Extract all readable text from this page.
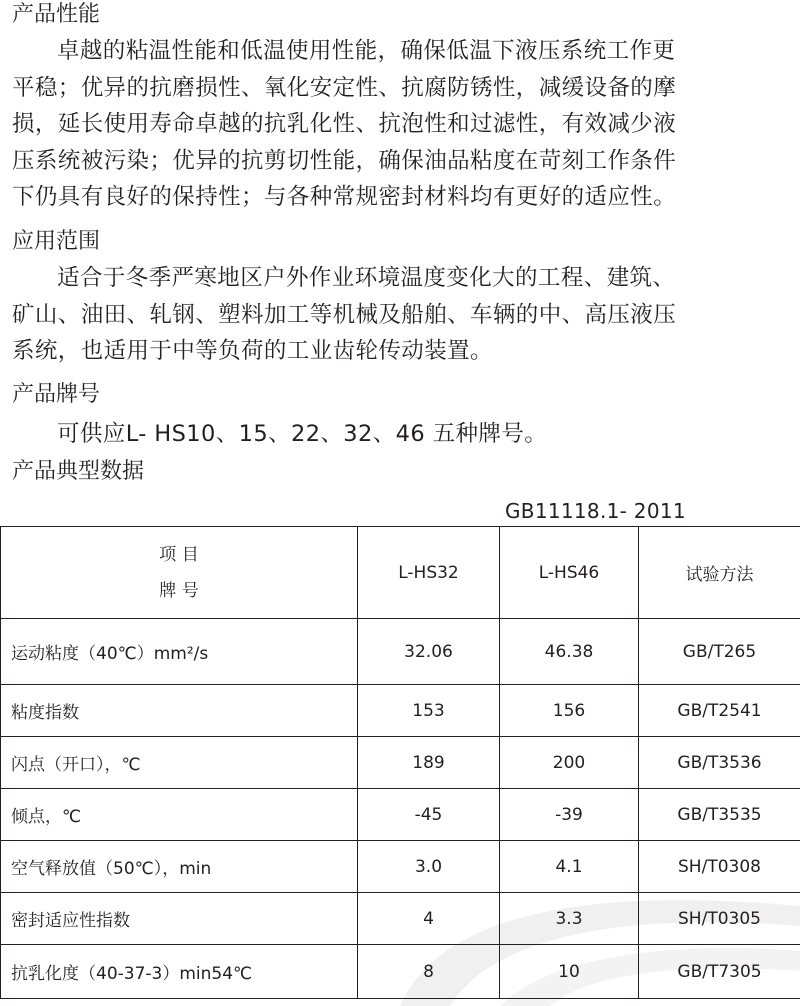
产品性能
卓越的粘温性能和低温使用性能，确保低温下液压系统工作更
平稳；优异的抗磨损性、氧化安定性、抗腐防锈性，减缓设备的摩
损，延长使用寿命卓越的抗乳化性、抗泡性和过滤性，有效减少液
压系统被污染；优异的抗剪切性能，确保油品粘度在苛刻工作条件
下仍具有良好的保持性；与各种常规密封材料均有更好的适应性。
应用范围
适合于冬季严寒地区户外作业环境温度变化大的工程、建筑、
矿山、油田、轧钢、塑料加工等机械及船舶、车辆的中、高压液压
系统，也适用于中等负荷的工业齿轮传动装置。
产品牌号
可供应L- HS10、15、22、32、46 五种牌号。
产品典型数据
GB11118.1- 2011
项 目
牌 号	L-HS32	L-HS46	试验方法
运动粘度（40℃）mm²/s	32.06	46.38	GB/T265
粘度指数	153	156	GB/T2541
闪点（开口），℃	189	200	GB/T3536
倾点，℃	-45	-39	GB/T3535
空气释放值（50℃），min	3.0	4.1	SH/T0308
密封适应性指数	4	3.3	SH/T0305
抗乳化度（40-37-3）min54℃	8	10	GB/T7305
